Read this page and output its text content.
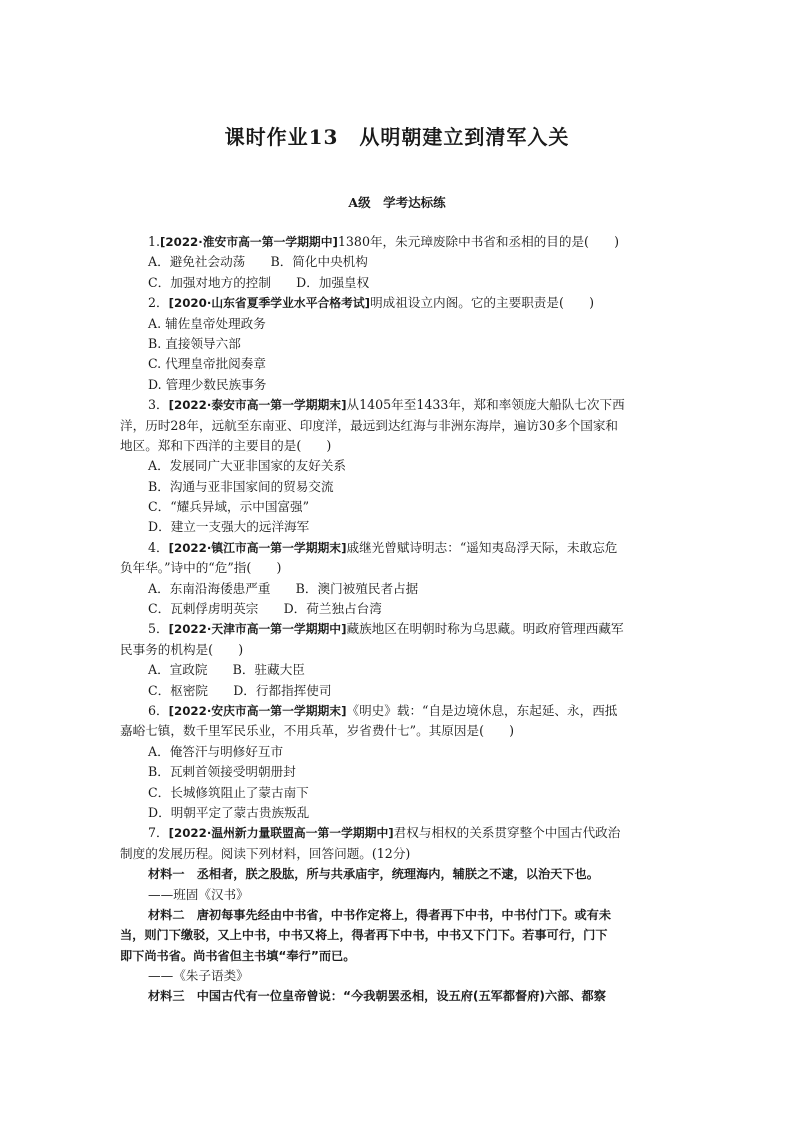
课时作业13　从明朝建立到清军入关
A级　学考达标练
1.[2022·淮安市高一第一学期期中]1380年，朱元璋废除中书省和丞相的目的是(　　)
A．避免社会动荡　　B．简化中央机构
C．加强对地方的控制　　D．加强皇权
2．[2020·山东省夏季学业水平合格考试]明成祖设立内阁。它的主要职责是(　　)
A. 辅佐皇帝处理政务
B. 直接领导六部
C. 代理皇帝批阅奏章
D. 管理少数民族事务
3．[2022·泰安市高一第一学期期末]从1405年至1433年，郑和率领庞大船队七次下西
洋，历时28年，远航至东南亚、印度洋，最远到达红海与非洲东海岸，遍访30多个国家和
地区。郑和下西洋的主要目的是(　　)
A．发展同广大亚非国家的友好关系
B．沟通与亚非国家间的贸易交流
C．“耀兵异域，示中国富强”
D．建立一支强大的远洋海军
4．[2022·镇江市高一第一学期期末]戚继光曾赋诗明志：“遥知夷岛浮天际，未敢忘危
负年华。”诗中的“危”指(　　)
A．东南沿海倭患严重　　B．澳门被殖民者占据
C．瓦剌俘虏明英宗　　D．荷兰独占台湾
5．[2022·天津市高一第一学期期中]藏族地区在明朝时称为乌思藏。明政府管理西藏军
民事务的机构是(　　)
A．宣政院　　B．驻藏大臣
C．枢密院　　D．行都指挥使司
6．[2022·安庆市高一第一学期期末]《明史》载：“自是边境休息，东起延、永，西抵
嘉峪七镇，数千里军民乐业，不用兵革，岁省费什七”。其原因是(　　)
A．俺答汗与明修好互市
B．瓦剌首领接受明朝册封
C．长城修筑阻止了蒙古南下
D．明朝平定了蒙古贵族叛乱
7．[2022·温州新力量联盟高一第一学期期中]君权与相权的关系贯穿整个中国古代政治
制度的发展历程。阅读下列材料，回答问题。(12分)
材料一　丞相者，朕之股肱，所与共承庙宇，统理海内，辅朕之不逮，以治天下也。
——班固《汉书》
材料二　唐初每事先经由中书省，中书作定将上，得者再下中书，中书付门下。或有未
当，则门下缴驳，又上中书，中书又将上，得者再下中书，中书又下门下。若事可行，门下
即下尚书省。尚书省但主书填“奉行”而已。
——《朱子语类》
材料三　中国古代有一位皇帝曾说：“今我朝罢丞相，设五府(五军都督府)六部、都察
